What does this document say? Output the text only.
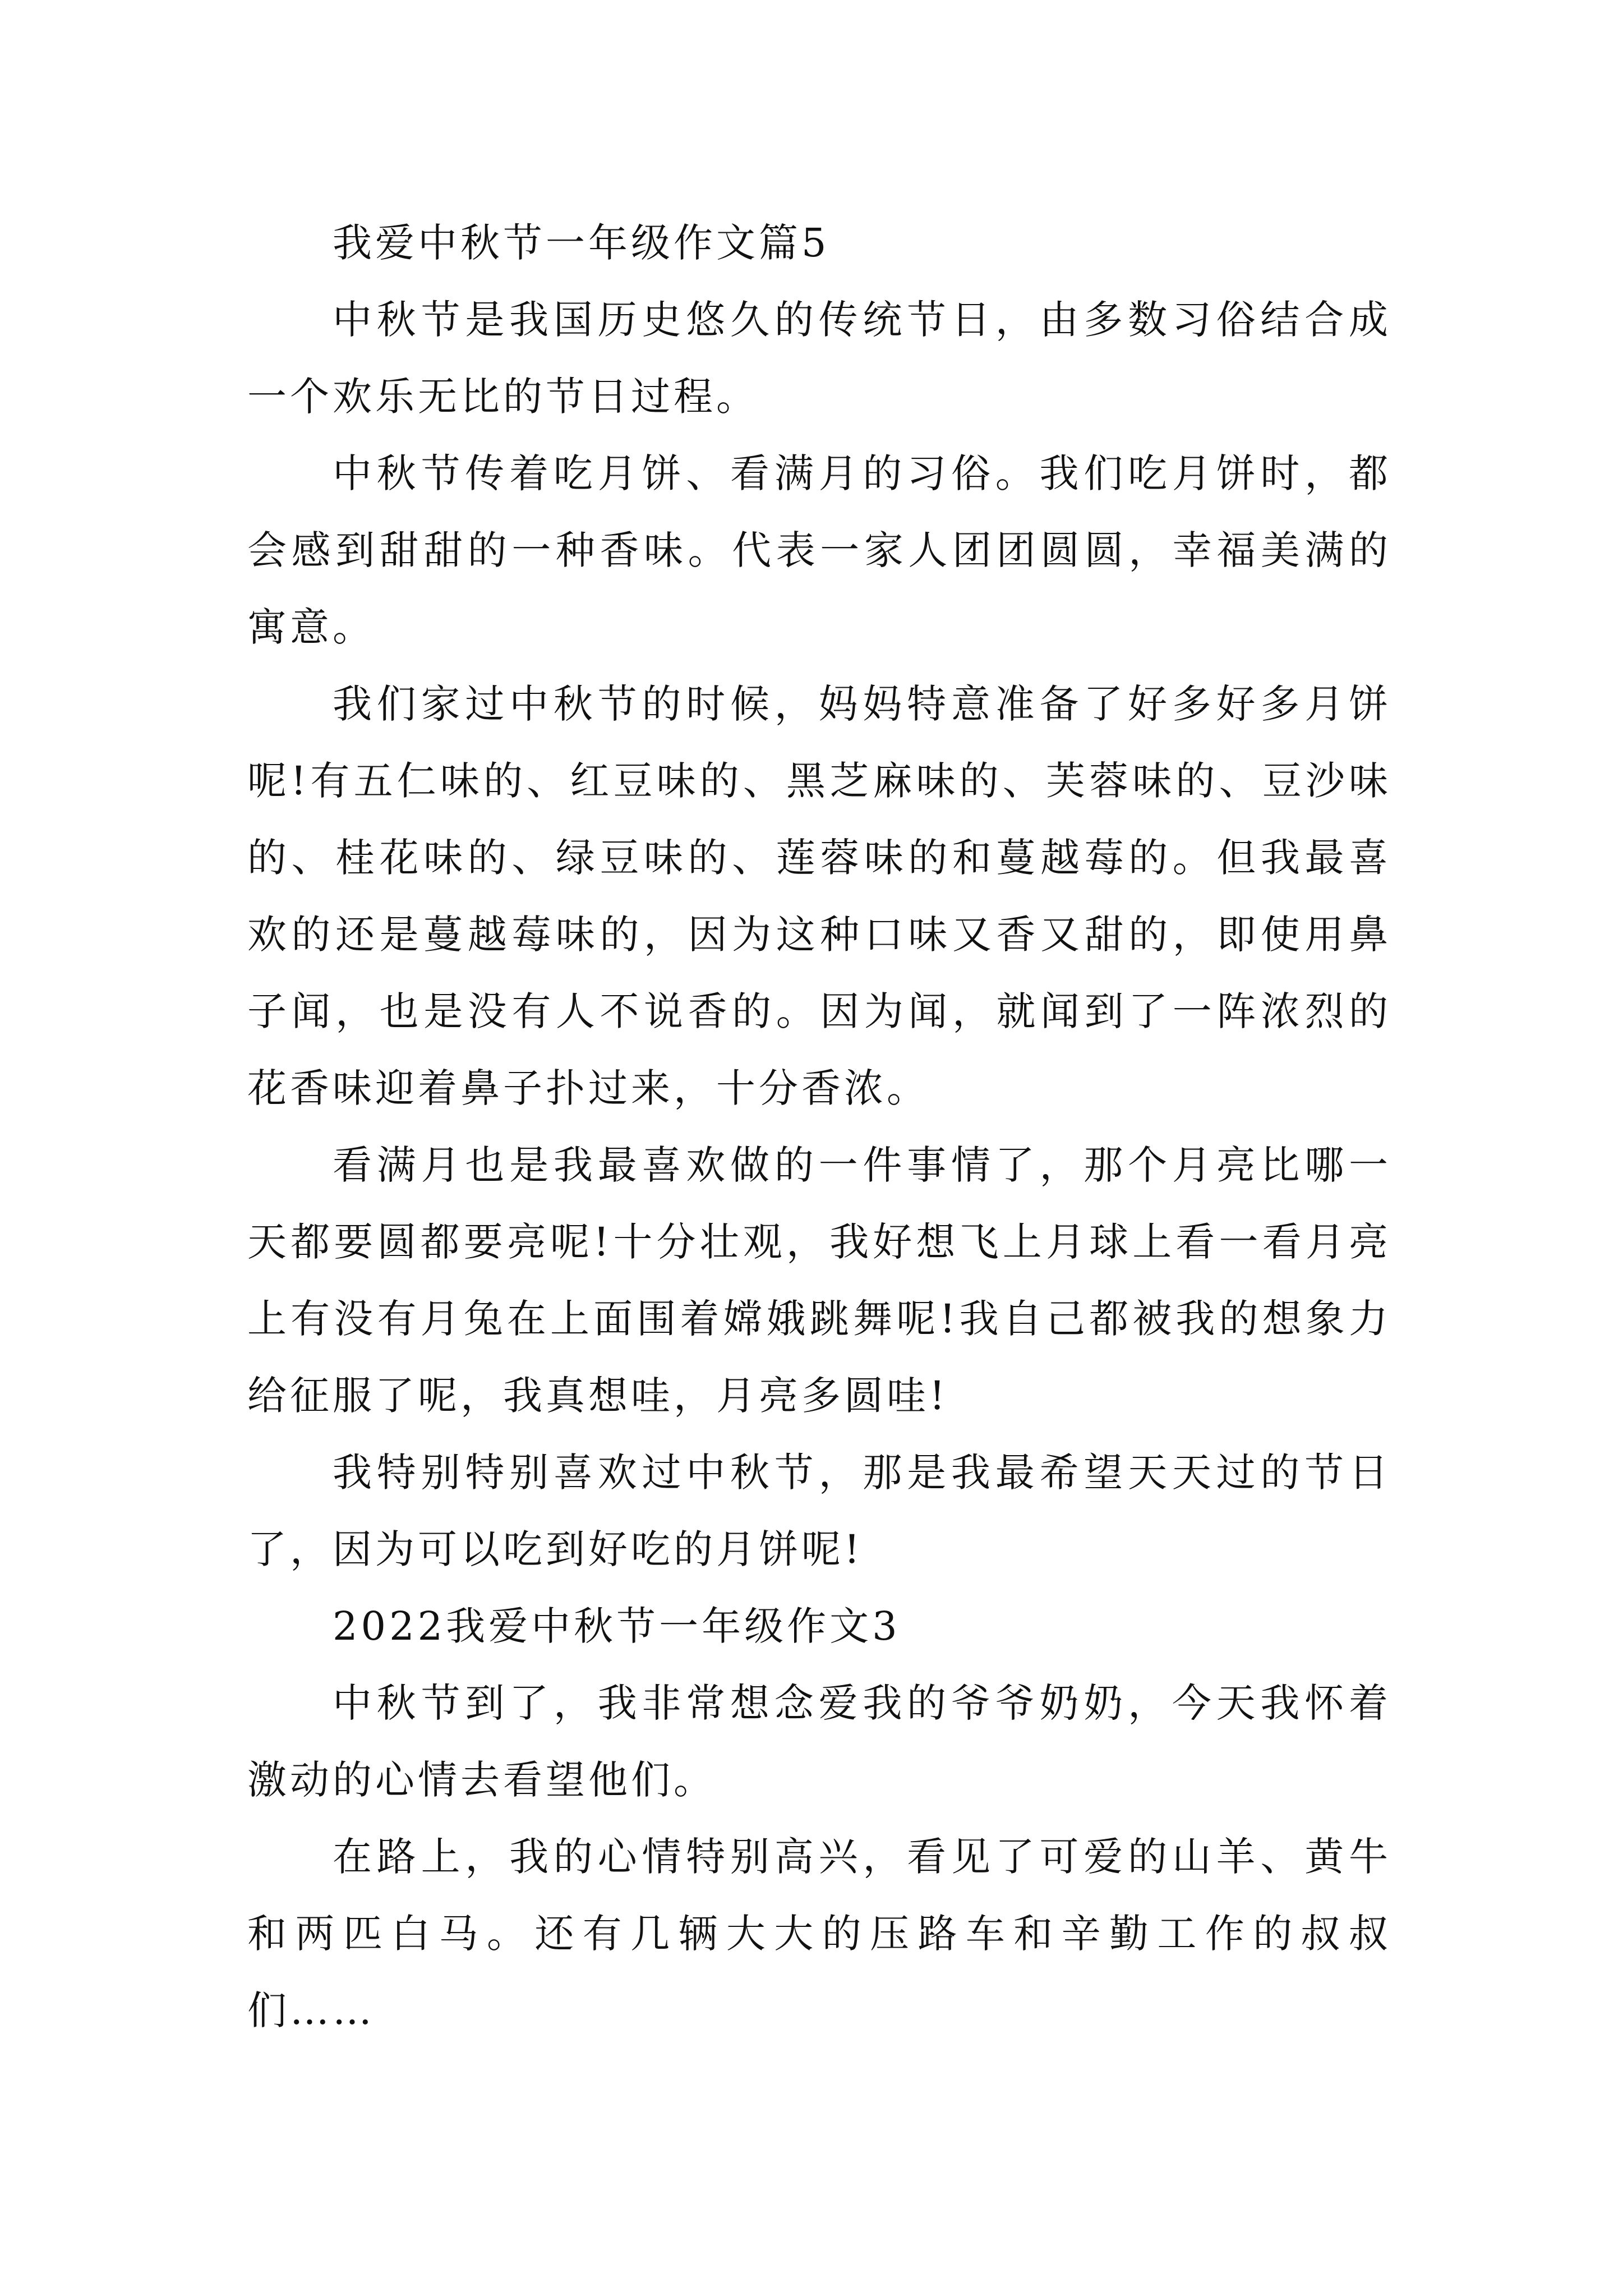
我爱中秋节一年级作文篇5

中秋节是我国历史悠久的传统节日，由多数习俗结合成一个欢乐无比的节日过程。

中秋节传着吃月饼、看满月的习俗。我们吃月饼时，都会感到甜甜的一种香味。代表一家人团团圆圆，幸福美满的寓意。

我们家过中秋节的时候，妈妈特意准备了好多好多月饼呢!有五仁味的、红豆味的、黑芝麻味的、芙蓉味的、豆沙味的、桂花味的、绿豆味的、莲蓉味的和蔓越莓的。但我最喜欢的还是蔓越莓味的，因为这种口味又香又甜的，即使用鼻子闻，也是没有人不说香的。因为闻，就闻到了一阵浓烈的花香味迎着鼻子扑过来，十分香浓。

看满月也是我最喜欢做的一件事情了，那个月亮比哪一天都要圆都要亮呢!十分壮观，我好想飞上月球上看一看月亮上有没有月兔在上面围着嫦娥跳舞呢!我自己都被我的想象力给征服了呢，我真想哇，月亮多圆哇!

我特别特别喜欢过中秋节，那是我最希望天天过的节日了，因为可以吃到好吃的月饼呢!

2022我爱中秋节一年级作文3

中秋节到了，我非常想念爱我的爷爷奶奶，今天我怀着激动的心情去看望他们。

在路上，我的心情特别高兴，看见了可爱的山羊、黄牛和两匹白马。还有几辆大大的压路车和辛勤工作的叔叔们……
